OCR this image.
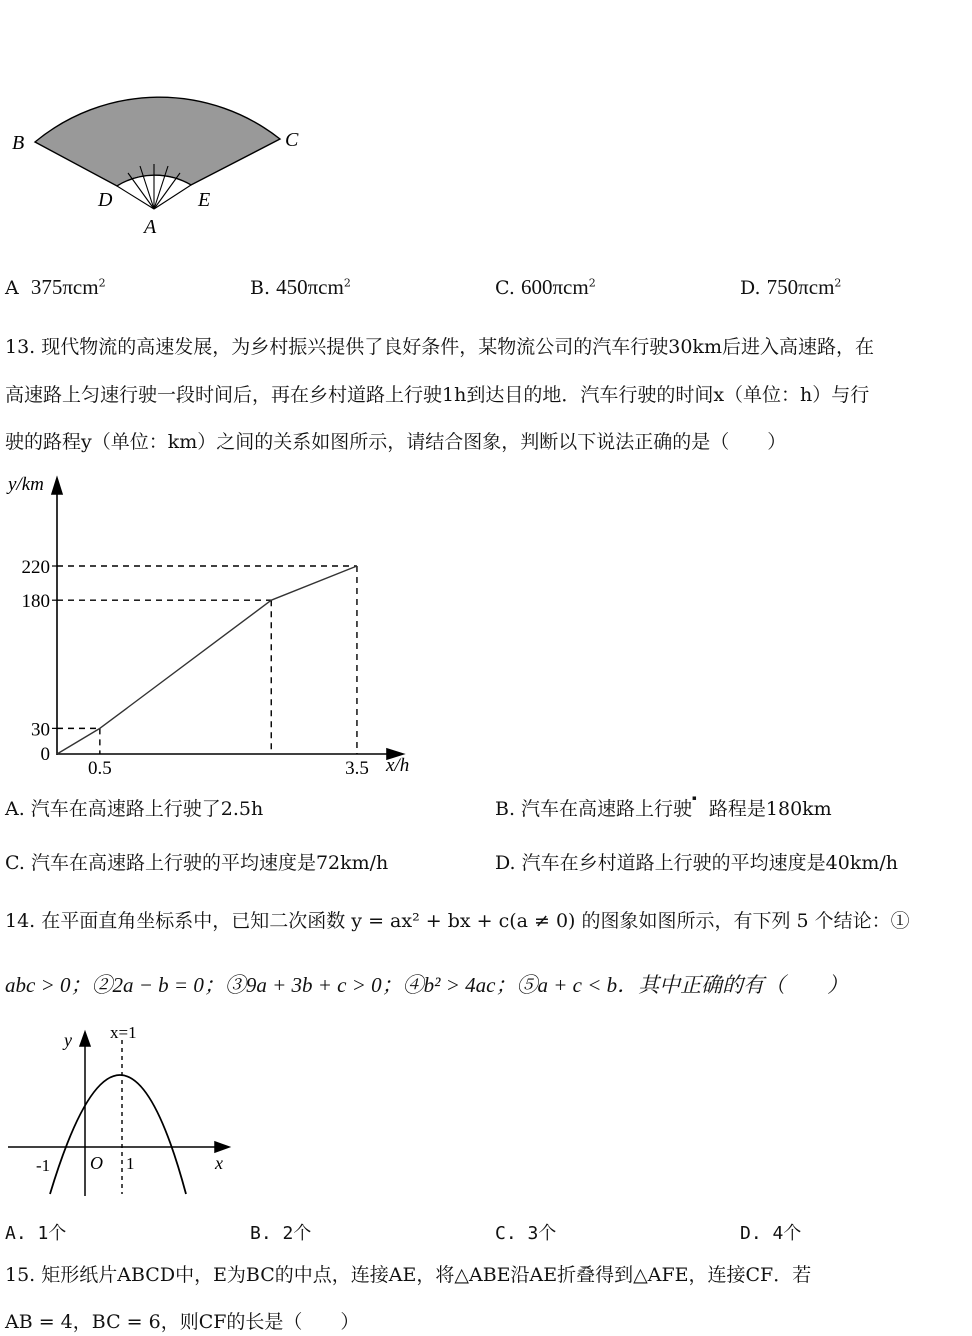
B	C
D	E
A
A 375πcm$^2$	B. 450πcm$^2$	C. 600πcm$^2$	D. 750πcm$^2$
13. 现代物流的高速发展，为乡村振兴提供了良好条件，某物流公司的汽车行驶30km后进入高速路，在
高速路上匀速行驶一段时间后，再在乡村道路上行驶1h到达目的地．汽车行驶的时间x（单位：h）与行
驶的路程y（单位：km）之间的关系如图所示，请结合图象，判断以下说法正确的是（　　）
y/km
x/h
0
30
180
220
0.5	3.5
A. 汽车在高速路上行驶了2.5h	B. 汽车在高速路上行驶▪ 路程是180km
C. 汽车在高速路上行驶的平均速度是72km/h	D. 汽车在乡村道路上行驶的平均速度是40km/h
14. 在平面直角坐标系中，已知二次函数 y = ax² + bx + c(a ≠ 0) 的图象如图所示，有下列 5 个结论：①
abc > 0；②2a − b = 0；③9a + 3b + c > 0；④b² > 4ac；⑤a + c < b．其中正确的有（　　）
y x=1
x
O
-1	1
A. 1个	B. 2个	C. 3个	D. 4个
15. 矩形纸片ABCD中，E为BC的中点，连接AE，将△ABE沿AE折叠得到△AFE，连接CF．若
AB = 4，BC = 6，则CF的长是（　　）
